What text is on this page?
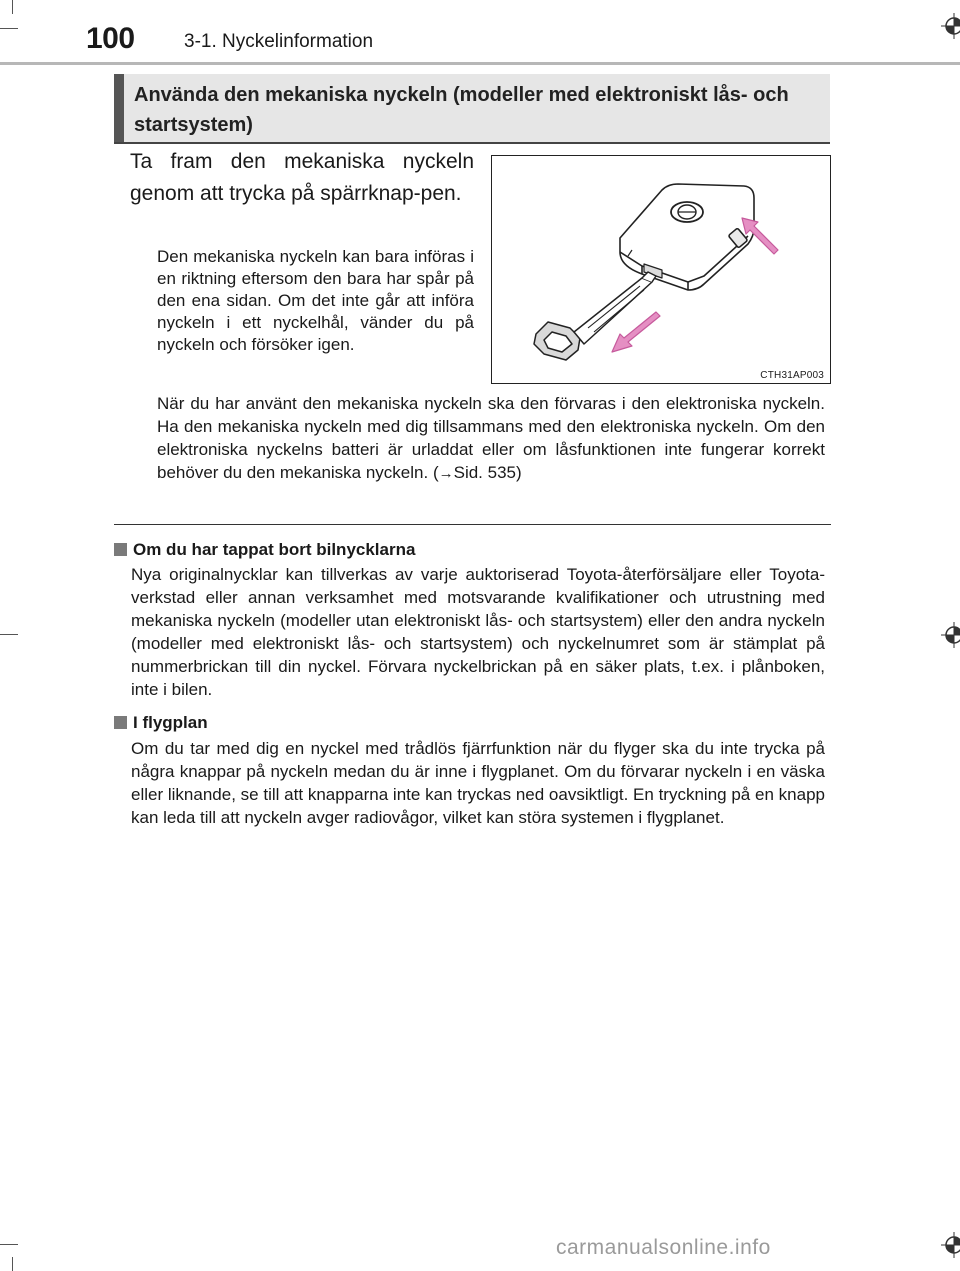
100	3-1. Nyckelinformation
Använda den mekaniska nyckeln (modeller med elektroniskt lås- och startsystem)
Ta fram den mekaniska nyckeln genom att trycka på spärrknap-pen.
Den mekaniska nyckeln kan bara införas i en riktning eftersom den bara har spår på den ena sidan. Om det inte går att införa nyckeln i ett nyckelhål, vänder du på nyckeln och försöker igen.
CTH31AP003
När du har använt den mekaniska nyckeln ska den förvaras i den elektroniska nyckeln. Ha den mekaniska nyckeln med dig tillsammans med den elektroniska nyckeln. Om den elektroniska nyckelns batteri är urladdat eller om låsfunktionen inte fungerar korrekt behöver du den mekaniska nyckeln. (→Sid. 535)
Om du har tappat bort bilnycklarna
Nya originalnycklar kan tillverkas av varje auktoriserad Toyota-återförsäljare eller Toyota-verkstad eller annan verksamhet med motsvarande kvalifikationer och utrustning med mekaniska nyckeln (modeller utan elektroniskt lås- och startsystem) eller den andra nyckeln (modeller med elektroniskt lås- och startsystem) och nyckelnumret som är stämplat på nummerbrickan till din nyckel. Förvara nyckelbrickan på en säker plats, t.ex. i plånboken, inte i bilen.
I flygplan
Om du tar med dig en nyckel med trådlös fjärrfunktion när du flyger ska du inte trycka på några knappar på nyckeln medan du är inne i flygplanet. Om du förvarar nyckeln i en väska eller liknande, se till att knapparna inte kan tryckas ned oavsiktligt. En tryckning på en knapp kan leda till att nyckeln avger radiovågor, vilket kan störa systemen i flygplanet.
carmanualsonline.info
